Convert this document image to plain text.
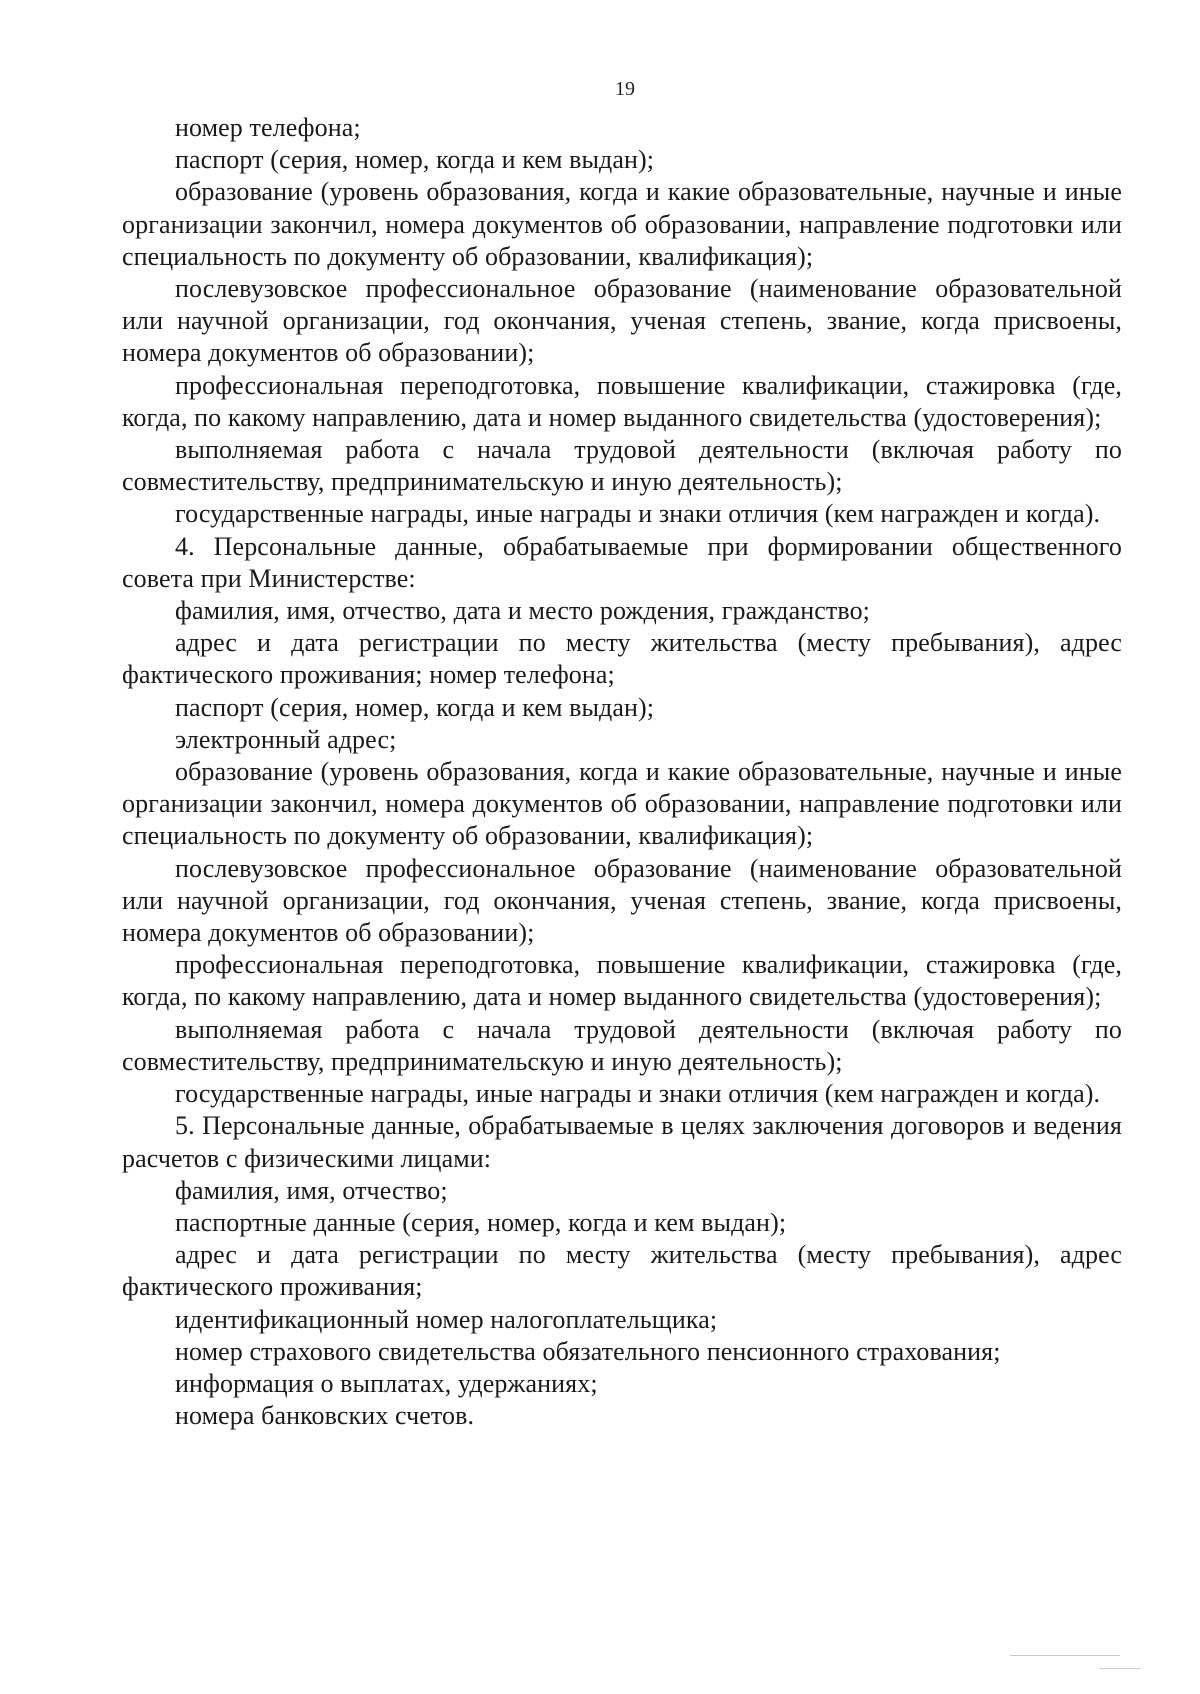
19

номер телефона;

паспорт (серия, номер, когда и кем выдан);

образование (уровень образования, когда и какие образовательные, научные и иные организации закончил, номера документов об образовании, направление подготовки или специальность по документу об образовании, квалификация);

послевузовское профессиональное образование (наименование образовательной или научной организации, год окончания, ученая степень, звание, когда присвоены, номера документов об образовании);

профессиональная переподготовка, повышение квалификации, стажировка (где, когда, по какому направлению, дата и номер выданного свидетельства (удостоверения);

выполняемая работа с начала трудовой деятельности (включая работу по совместительству, предпринимательскую и иную деятельность);

государственные награды, иные награды и знаки отличия (кем награжден и когда).

4. Персональные данные, обрабатываемые при формировании общественного совета при Министерстве:

фамилия, имя, отчество, дата и место рождения, гражданство;

адрес и дата регистрации по месту жительства (месту пребывания), адрес фактического проживания; номер телефона;

паспорт (серия, номер, когда и кем выдан);

электронный адрес;

образование (уровень образования, когда и какие образовательные, научные и иные организации закончил, номера документов об образовании, направление подготовки или специальность по документу об образовании, квалификация);

послевузовское профессиональное образование (наименование образовательной или научной организации, год окончания, ученая степень, звание, когда присвоены, номера документов об образовании);

профессиональная переподготовка, повышение квалификации, стажировка (где, когда, по какому направлению, дата и номер выданного свидетельства (удостоверения);

выполняемая работа с начала трудовой деятельности (включая работу по совместительству, предпринимательскую и иную деятельность);

государственные награды, иные награды и знаки отличия (кем награжден и когда).

5. Персональные данные, обрабатываемые в целях заключения договоров и ведения расчетов с физическими лицами:

фамилия, имя, отчество;

паспортные данные (серия, номер, когда и кем выдан);

адрес и дата регистрации по месту жительства (месту пребывания), адрес фактического проживания;

идентификационный номер налогоплательщика;

номер страхового свидетельства обязательного пенсионного страхования;

информация о выплатах, удержаниях;

номера банковских счетов.
